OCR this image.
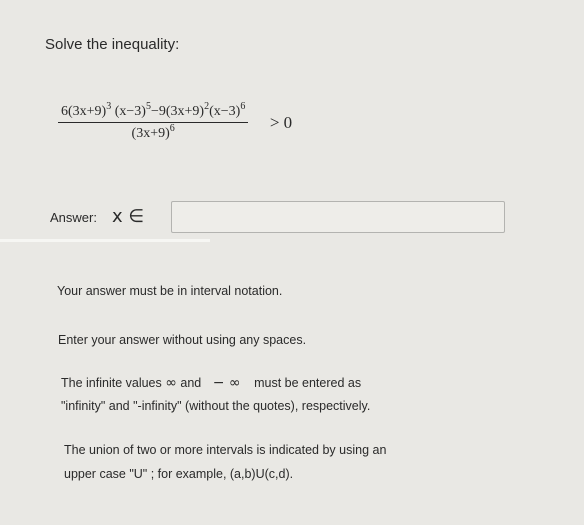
Solve the inequality:
$\frac{6(3x+9)^3 (x-3)^5-9(3x+9)^2(x-3)^6}{(3x+9)^6} > 0$
Answer: x ∈
Your answer must be in interval notation.
Enter your answer without using any spaces.
The infinite values ∞ and − ∞ must be entered as
"infinity" and "-infinity" (without the quotes), respectively.
The union of two or more intervals is indicated by using an
upper case "U" ; for example, (a,b)U(c,d).
